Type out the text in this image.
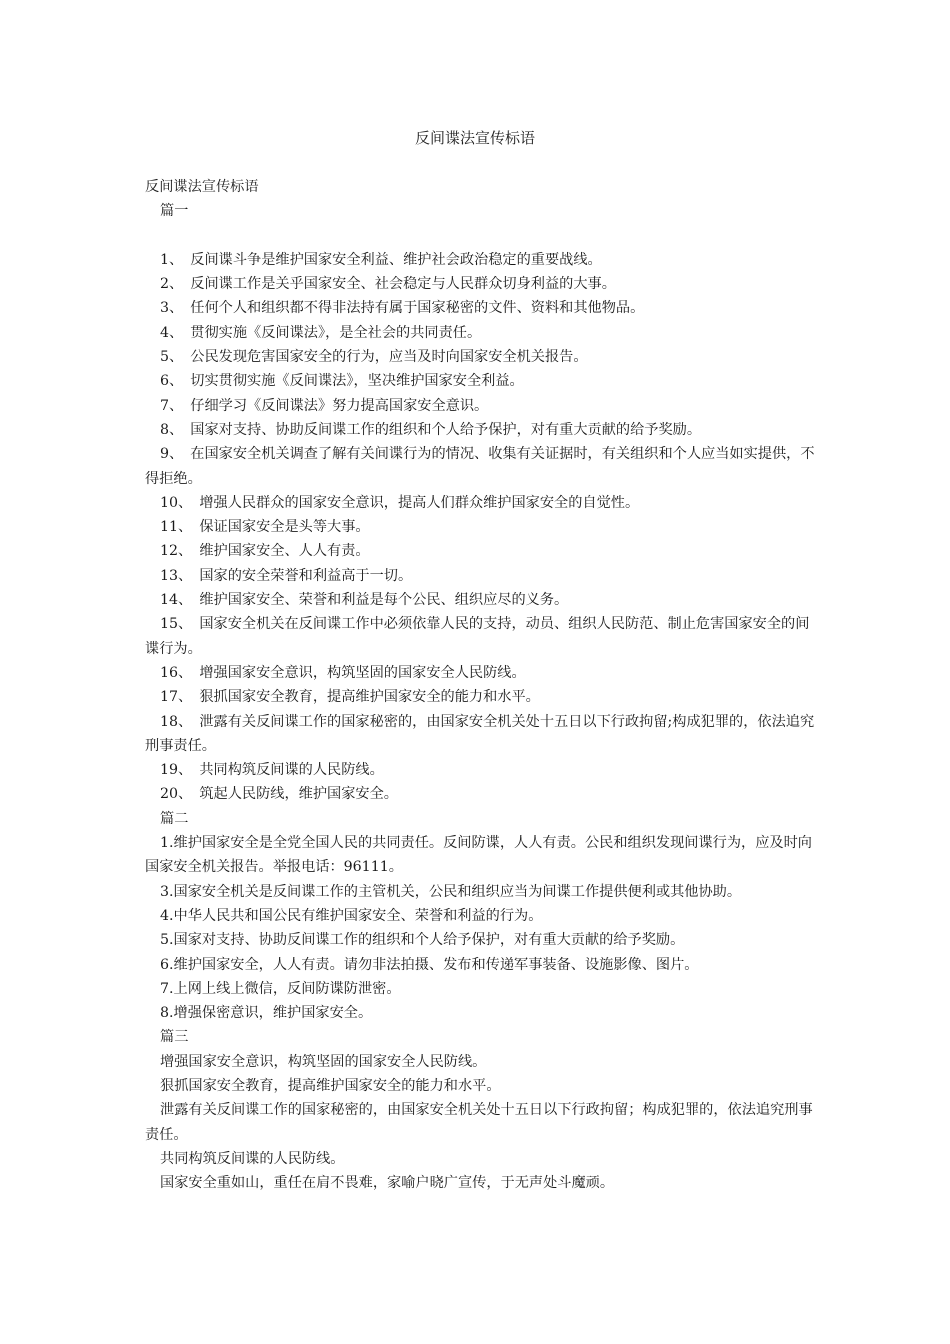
反间谍法宣传标语

反间谍法宣传标语

篇一

1、　反间谍斗争是维护国家安全利益、维护社会政治稳定的重要战线。

2、　反间谍工作是关乎国家安全、社会稳定与人民群众切身利益的大事。

3、　任何个人和组织都不得非法持有属于国家秘密的文件、资料和其他物品。

4、　贯彻实施《反间谍法》，是全社会的共同责任。

5、　公民发现危害国家安全的行为，应当及时向国家安全机关报告。

6、　切实贯彻实施《反间谍法》，坚决维护国家安全利益。

7、　仔细学习《反间谍法》努力提高国家安全意识。

8、　国家对支持、协助反间谍工作的组织和个人给予保护，对有重大贡献的给予奖励。

9、　在国家安全机关调查了解有关间谍行为的情况、收集有关证据时，有关组织和个人应当如实提供，不得拒绝。

10、　增强人民群众的国家安全意识，提高人们群众维护国家安全的自觉性。

11、　保证国家安全是头等大事。

12、　维护国家安全、人人有责。

13、　国家的安全荣誉和利益高于一切。

14、　维护国家安全、荣誉和利益是每个公民、组织应尽的义务。

15、　国家安全机关在反间谍工作中必须依靠人民的支持，动员、组织人民防范、制止危害国家安全的间谍行为。

16、　增强国家安全意识，构筑坚固的国家安全人民防线。

17、　狠抓国家安全教育，提高维护国家安全的能力和水平。

18、　泄露有关反间谍工作的国家秘密的，由国家安全机关处十五日以下行政拘留;构成犯罪的，依法追究刑事责任。

19、　共同构筑反间谍的人民防线。

20、　筑起人民防线，维护国家安全。

篇二

1.维护国家安全是全党全国人民的共同责任。反间防谍，人人有责。公民和组织发现间谍行为，应及时向国家安全机关报告。举报电话：96111。

3.国家安全机关是反间谍工作的主管机关，公民和组织应当为间谍工作提供便利或其他协助。

4.中华人民共和国公民有维护国家安全、荣誉和利益的行为。

5.国家对支持、协助反间谍工作的组织和个人给予保护，对有重大贡献的给予奖励。

6.维护国家安全，人人有责。请勿非法拍摄、发布和传递军事装备、设施影像、图片。

7.上网上线上微信，反间防谍防泄密。

8.增强保密意识，维护国家安全。

篇三

增强国家安全意识，构筑坚固的国家安全人民防线。

狠抓国家安全教育，提高维护国家安全的能力和水平。

泄露有关反间谍工作的国家秘密的，由国家安全机关处十五日以下行政拘留；构成犯罪的，依法追究刑事责任。

共同构筑反间谍的人民防线。

国家安全重如山，重任在肩不畏难，家喻户晓广宣传，于无声处斗魔顽。
